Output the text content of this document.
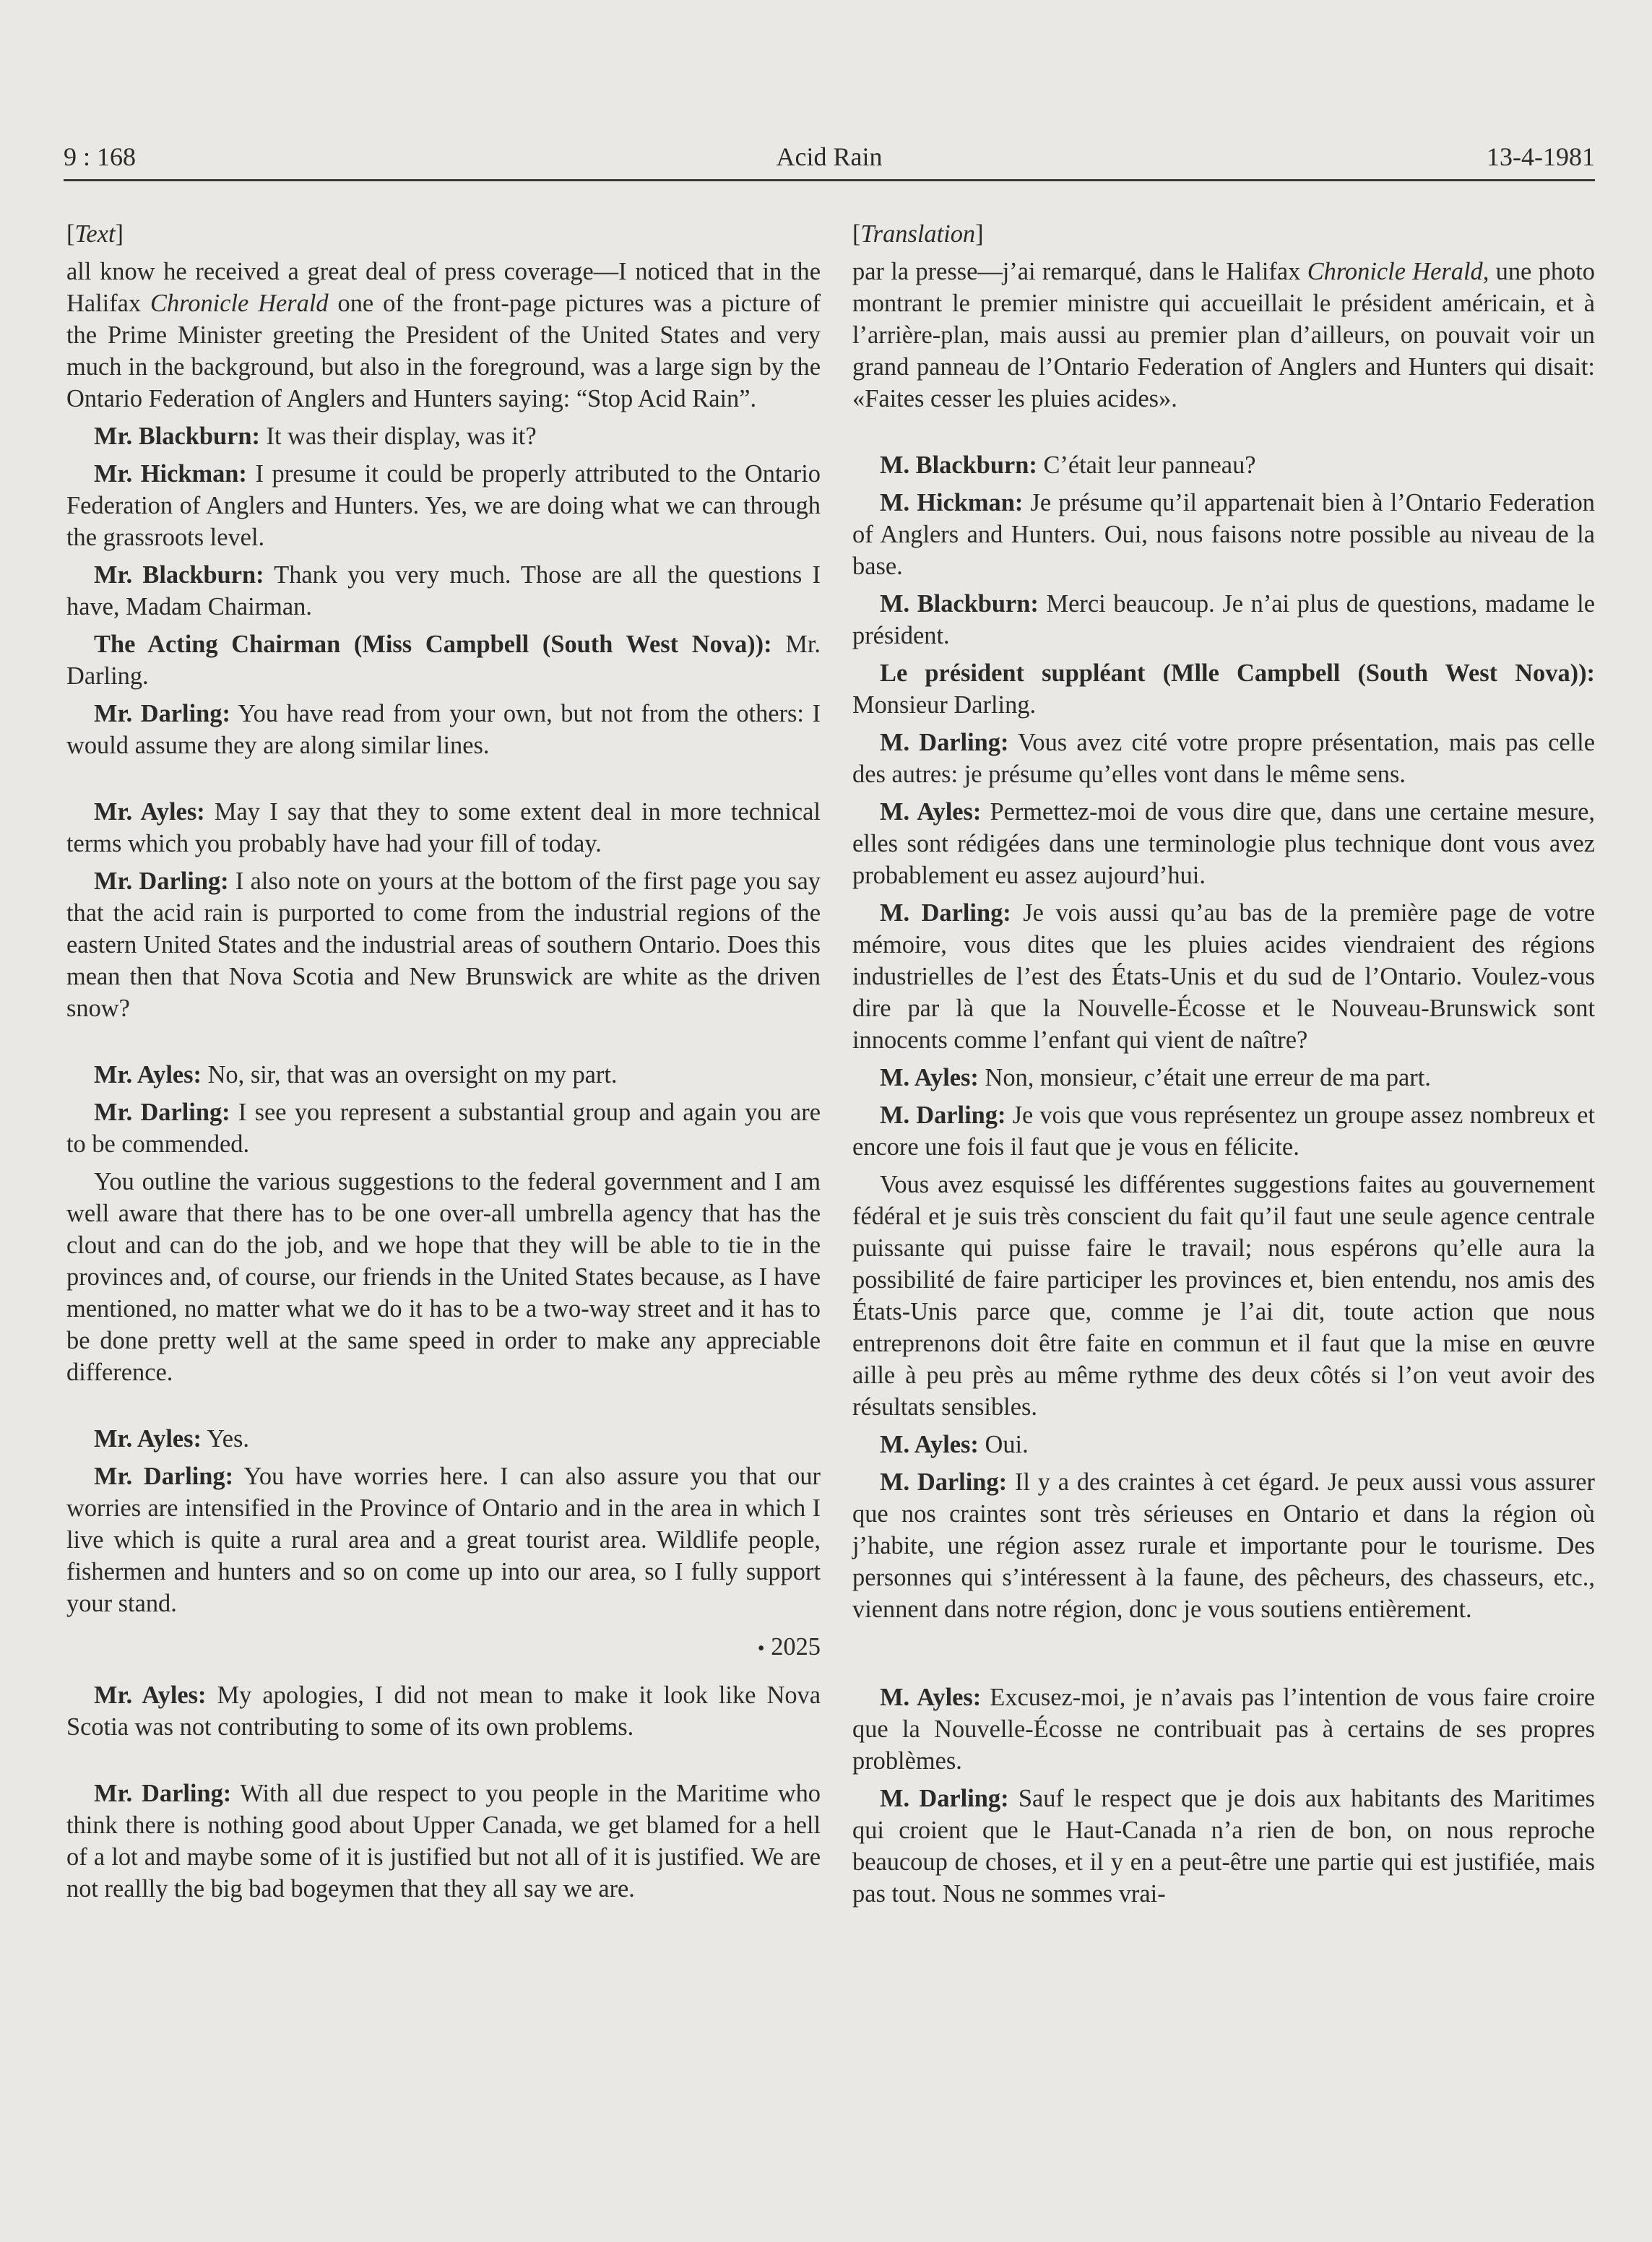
9 : 168	Acid Rain	13-4-1981

[Text]

all know he received a great deal of press coverage—I noticed that in the Halifax Chronicle Herald one of the front-page pictures was a picture of the Prime Minister greeting the President of the United States and very much in the background, but also in the foreground, was a large sign by the Ontario Federation of Anglers and Hunters saying: “Stop Acid Rain”.

Mr. Blackburn: It was their display, was it?

Mr. Hickman: I presume it could be properly attributed to the Ontario Federation of Anglers and Hunters. Yes, we are doing what we can through the grassroots level.

Mr. Blackburn: Thank you very much. Those are all the questions I have, Madam Chairman.

The Acting Chairman (Miss Campbell (South West Nova)): Mr. Darling.

Mr. Darling: You have read from your own, but not from the others: I would assume they are along similar lines.

Mr. Ayles: May I say that they to some extent deal in more technical terms which you probably have had your fill of today.

Mr. Darling: I also note on yours at the bottom of the first page you say that the acid rain is purported to come from the industrial regions of the eastern United States and the industrial areas of southern Ontario. Does this mean then that Nova Scotia and New Brunswick are white as the driven snow?

Mr. Ayles: No, sir, that was an oversight on my part.

Mr. Darling: I see you represent a substantial group and again you are to be commended.

You outline the various suggestions to the federal government and I am well aware that there has to be one over-all umbrella agency that has the clout and can do the job, and we hope that they will be able to tie in the provinces and, of course, our friends in the United States because, as I have mentioned, no matter what we do it has to be a two-way street and it has to be done pretty well at the same speed in order to make any appreciable difference.

Mr. Ayles: Yes.

Mr. Darling: You have worries here. I can also assure you that our worries are intensified in the Province of Ontario and in the area in which I live which is quite a rural area and a great tourist area. Wildlife people, fishermen and hunters and so on come up into our area, so I fully support your stand.

• 2025

Mr. Ayles: My apologies, I did not mean to make it look like Nova Scotia was not contributing to some of its own problems.

Mr. Darling: With all due respect to you people in the Maritime who think there is nothing good about Upper Canada, we get blamed for a hell of a lot and maybe some of it is justified but not all of it is justified. We are not reallly the big bad bogeymen that they all say we are.

[Translation]

par la presse—j’ai remarqué, dans le Halifax Chronicle Herald, une photo montrant le premier ministre qui accueillait le président américain, et à l’arrière-plan, mais aussi au premier plan d’ailleurs, on pouvait voir un grand panneau de l’Ontario Federation of Anglers and Hunters qui disait: «Faites cesser les pluies acides».

M. Blackburn: C’était leur panneau?

M. Hickman: Je présume qu’il appartenait bien à l’Ontario Federation of Anglers and Hunters. Oui, nous faisons notre possible au niveau de la base.

M. Blackburn: Merci beaucoup. Je n’ai plus de questions, madame le président.

Le président suppléant (Mlle Campbell (South West Nova)): Monsieur Darling.

M. Darling: Vous avez cité votre propre présentation, mais pas celle des autres: je présume qu’elles vont dans le même sens.

M. Ayles: Permettez-moi de vous dire que, dans une certaine mesure, elles sont rédigées dans une terminologie plus technique dont vous avez probablement eu assez aujourd’hui.

M. Darling: Je vois aussi qu’au bas de la première page de votre mémoire, vous dites que les pluies acides viendraient des régions industrielles de l’est des États-Unis et du sud de l’Ontario. Voulez-vous dire par là que la Nouvelle-Écosse et le Nouveau-Brunswick sont innocents comme l’enfant qui vient de naître?

M. Ayles: Non, monsieur, c’était une erreur de ma part.

M. Darling: Je vois que vous représentez un groupe assez nombreux et encore une fois il faut que je vous en félicite.

Vous avez esquissé les différentes suggestions faites au gouvernement fédéral et je suis très conscient du fait qu’il faut une seule agence centrale puissante qui puisse faire le travail; nous espérons qu’elle aura la possibilité de faire participer les provinces et, bien entendu, nos amis des États-Unis parce que, comme je l’ai dit, toute action que nous entreprenons doit être faite en commun et il faut que la mise en œuvre aille à peu près au même rythme des deux côtés si l’on veut avoir des résultats sensibles.

M. Ayles: Oui.

M. Darling: Il y a des craintes à cet égard. Je peux aussi vous assurer que nos craintes sont très sérieuses en Ontario et dans la région où j’habite, une région assez rurale et importante pour le tourisme. Des personnes qui s’intéressent à la faune, des pêcheurs, des chasseurs, etc., viennent dans notre région, donc je vous soutiens entièrement.

M. Ayles: Excusez-moi, je n’avais pas l’intention de vous faire croire que la Nouvelle-Écosse ne contribuait pas à certains de ses propres problèmes.

M. Darling: Sauf le respect que je dois aux habitants des Maritimes qui croient que le Haut-Canada n’a rien de bon, on nous reproche beaucoup de choses, et il y en a peut-être une partie qui est justifiée, mais pas tout. Nous ne sommes vrai-
